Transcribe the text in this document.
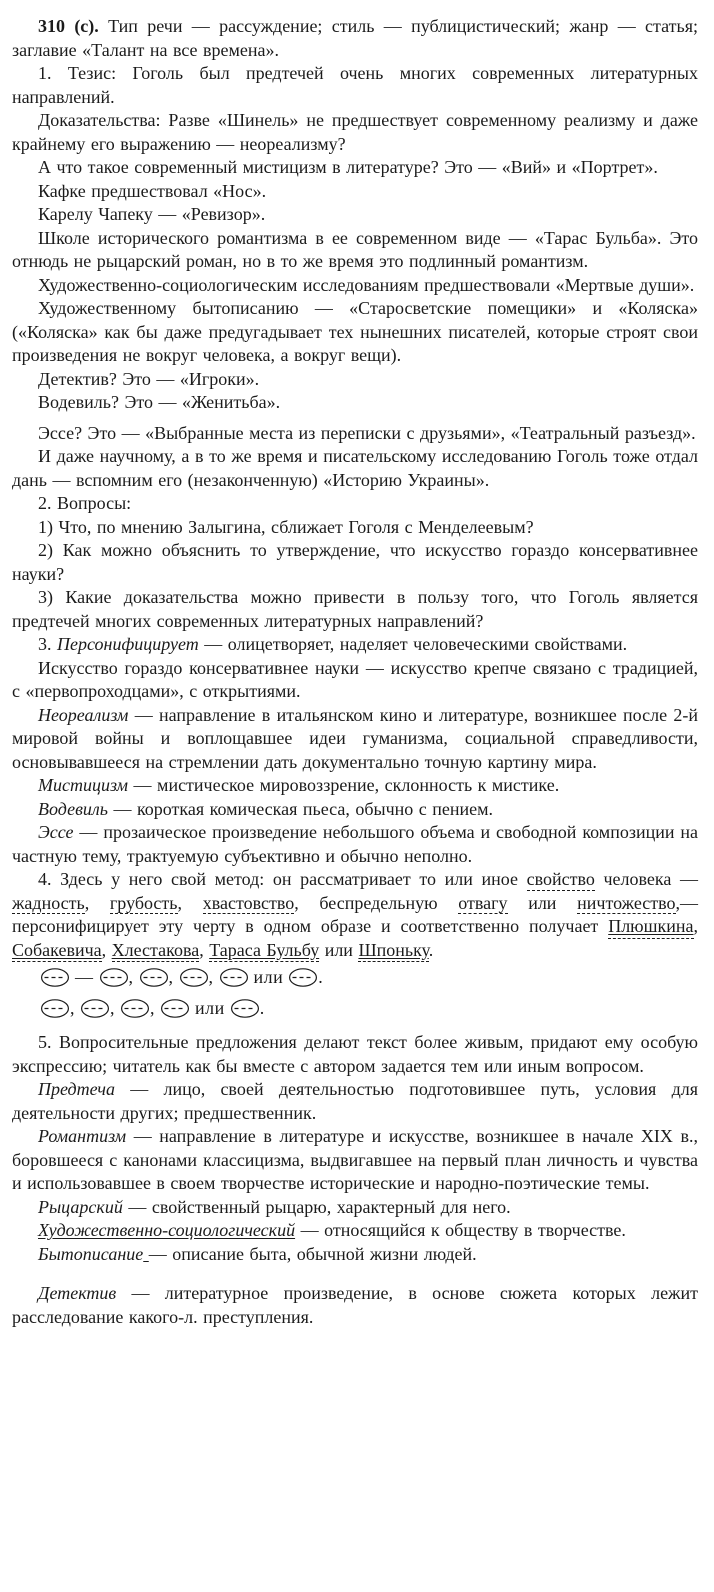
310 (с). Тип речи — рассуждение; стиль — публицистический; жанр — статья; заглавие «Талант на все времена».
1. Тезис: Гоголь был предтечей очень многих современных литературных направлений.
Доказательства: Разве «Шинель» не предшествует современному реализму и даже крайнему его выражению — неореализму?
А что такое современный мистицизм в литературе? Это — «Вий» и «Портрет».
Кафке предшествовал «Нос».
Карелу Чапеку — «Ревизор».
Школе исторического романтизма в ее современном виде — «Тарас Бульба». Это отнюдь не рыцарский роман, но в то же время это подлинный романтизм.
Художественно-социологическим исследованиям предшествовали «Мертвые души».
Художественному бытописанию — «Старосветские помещики» и «Коляска» («Коляска» как бы даже предугадывает тех нынешних писателей, которые строят свои произведения не вокруг человека, а вокруг вещи).
Детектив? Это — «Игроки».
Водевиль? Это — «Женитьба».
Эссе? Это — «Выбранные места из переписки с друзьями», «Театральный разъезд».
И даже научному, а в то же время и писательскому исследованию Гоголь тоже отдал дань — вспомним его (незаконченную) «Историю Украины».
2. Вопросы:
1) Что, по мнению Залыгина, сближает Гоголя с Менделеевым?
2) Как можно объяснить то утверждение, что искусство гораздо консервативнее науки?
3) Какие доказательства можно привести в пользу того, что Гоголь является предтечей многих современных литературных направлений?
3. Персонифицирует — олицетворяет, наделяет человеческими свойствами.
Искусство гораздо консервативнее науки — искусство крепче связано с традицией, с «первопроходцами», с открытиями.
Неореализм — направление в итальянском кино и литературе, возникшее после 2-й мировой войны и воплощавшее идеи гуманизма, социальной справедливости, основывавшееся на стремлении дать документально точную картину мира.
Мистицизм — мистическое мировоззрение, склонность к мистике.
Водевиль — короткая комическая пьеса, обычно с пением.
Эссе — прозаическое произведение небольшого объема и свободной композиции на частную тему, трактуемую субъективно и обычно неполно.
4. Здесь у него свой метод: он рассматривает то или иное свойство человека — жадность, грубость, хвастовство, беспредельную отвагу или ничтожество,— персонифицирует эту черту в одном образе и соответственно получает Плюшкина, Собакевича, Хлестакова, Тараса Бульбу или Шпоньку.
— , , ,  или .
, , ,  или .
5. Вопросительные предложения делают текст более живым, придают ему особую экспрессию; читатель как бы вместе с автором задается тем или иным вопросом.
Предтеча — лицо, своей деятельностью подготовившее путь, условия для деятельности других; предшественник.
Романтизм — направление в литературе и искусстве, возникшее в начале XIX в., боровшееся с канонами классицизма, выдвигавшее на первый план личность и чувства и использовавшее в своем творчестве исторические и народно-поэтические темы.
Рыцарский — свойственный рыцарю, характерный для него.
Художественно-социологический — относящийся к обществу в творчестве.
Бытописание — описание быта, обычной жизни людей.
Детектив — литературное произведение, в основе сюжета которых лежит расследование какого-л. преступления.
